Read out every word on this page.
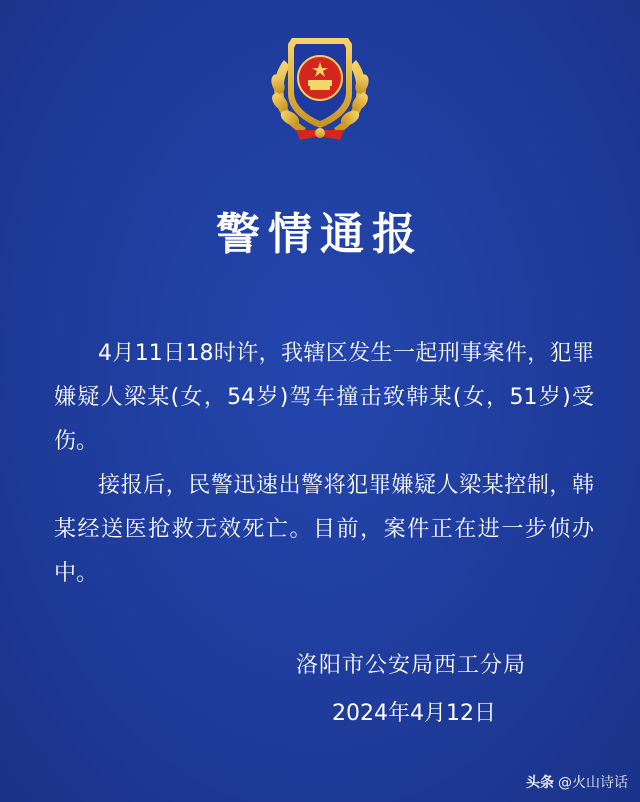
警情通报

4月11日18时许，我辖区发生一起刑事案件，犯罪嫌疑人梁某(女，54岁)驾车撞击致韩某(女，51岁)受伤。

接报后，民警迅速出警将犯罪嫌疑人梁某控制，韩某经送医抢救无效死亡。目前，案件正在进一步侦办中。

洛阳市公安局西工分局
2024年4月12日
头条 @火山诗话
